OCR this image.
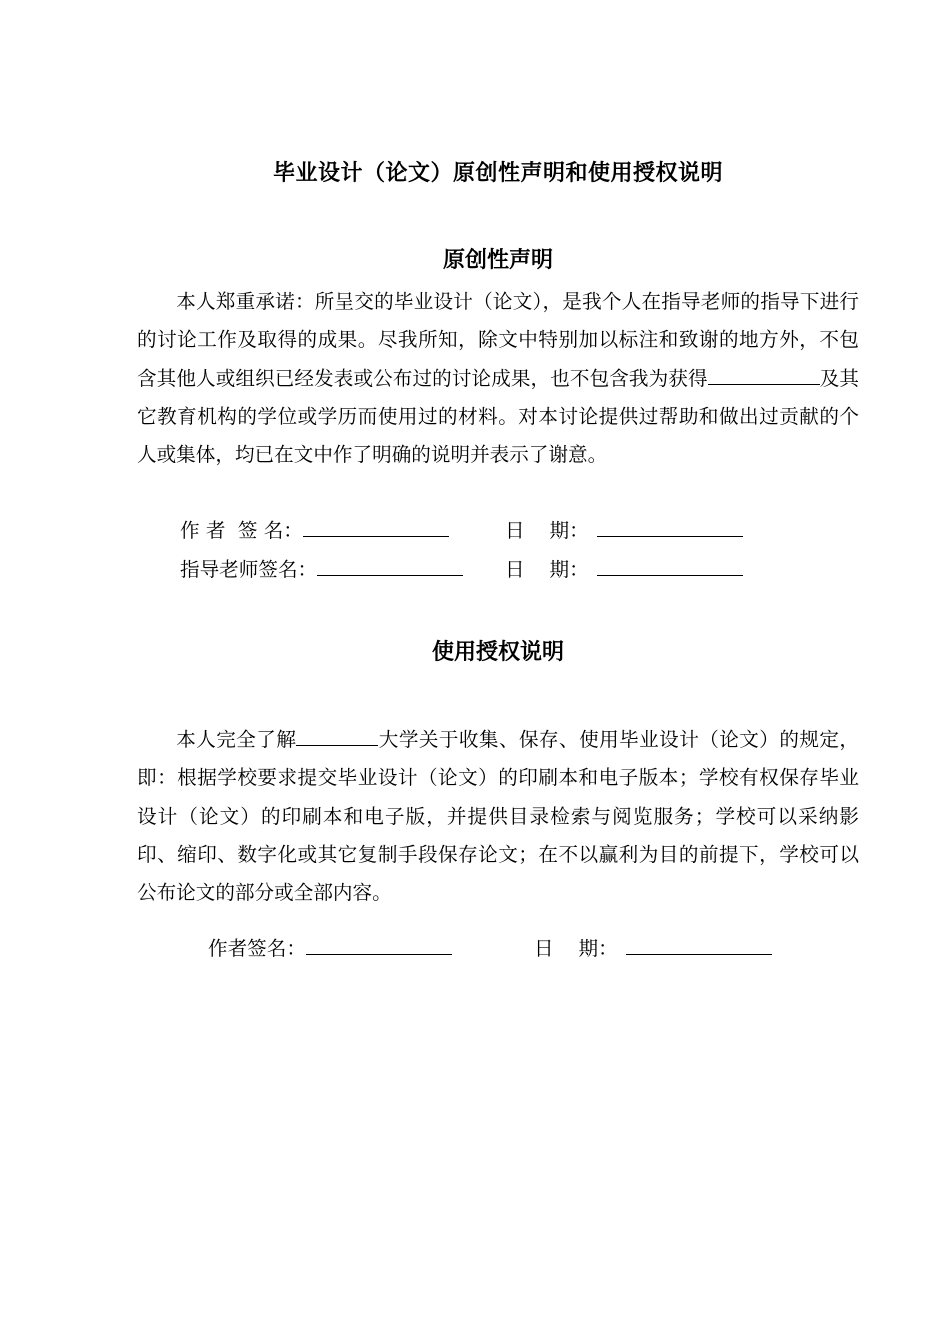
毕业设计（论文）原创性声明和使用授权说明
原创性声明

本人郑重承诺：所呈交的毕业设计（论文），是我个人在指导老师的指导下进行的讨论工作及取得的成果。尽我所知，除文中特别加以标注和致谢的地方外，不包含其他人或组织已经发表或公布过的讨论成果，也不包含我为获得	及其它教育机构的学位或学历而使用过的材料。对本讨论提供过帮助和做出过贡献的个人或集体，均已在文中作了明确的说明并表示了谢意。

作 者  签 名：	日    期：
指导老师签名：	日    期：
使用授权说明

本人完全了解	大学关于收集、保存、使用毕业设计（论文）的规定，即：根据学校要求提交毕业设计（论文）的印刷本和电子版本；学校有权保存毕业设计（论文）的印刷本和电子版，并提供目录检索与阅览服务；学校可以采纳影印、缩印、数字化或其它复制手段保存论文；在不以赢利为目的前提下，学校可以公布论文的部分或全部内容。

作者签名：	日    期：
